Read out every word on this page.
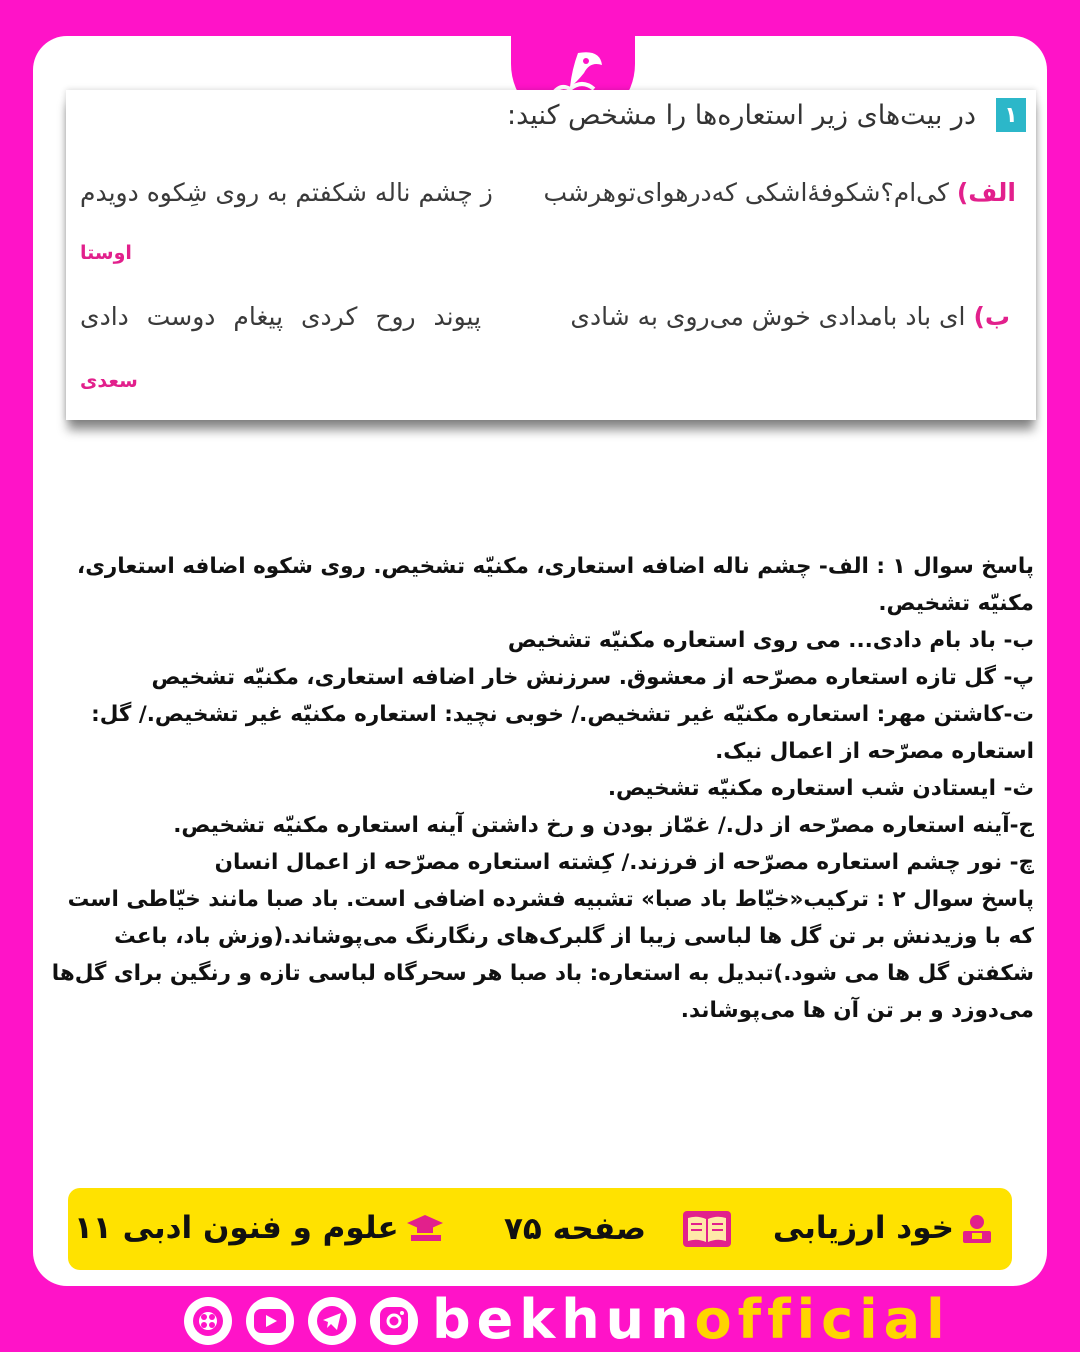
۱
در بیت‌های زیر استعاره‌ها را مشخص کنید:
الف) کی‌ام؟شکوفهٔ‌اشکی که‌درهوای‌تو‌هرشب
ز چشم ناله شکفتم به روی شِکوه دویدم
اوستا
ب) ای باد بامدادی خوش می‌روی به شادی
پیوند روح کردی پیغام دوست دادی
سعدی

پاسخ سوال ۱ : الف- چشم ناله اضافه استعاری، مکنیّه تشخیص. روی شکوه اضافه استعاری، مکنیّه تشخیص.

ب- باد بام دادی... می روی استعاره مکنیّه تشخیص

پ- گل تازه استعاره مصرّحه از معشوق. سرزنش خار اضافه استعاری، مکنیّه تشخیص

ت-کاشتن مهر: استعاره مکنیّه غیر تشخیص./ خوبی نچید: استعاره مکنیّه غیر تشخیص./ گل: استعاره مصرّحه از اعمال نیک.

ث- ایستادن شب استعاره مکنیّه تشخیص.

ج-آینه استعاره مصرّحه از دل./ غمّاز بودن و رخ داشتن آینه استعاره مکنیّه تشخیص.

چ- نور چشم استعاره مصرّحه از فرزند./ کِشته استعاره مصرّحه از اعمال انسان

پاسخ سوال ۲ : ترکیب«خیّاط باد صبا» تشبیه فشرده اضافی است. باد صبا مانند خیّاطی است که با وزیدنش بر تن گل ها لباسی زیبا از گلبرک‌های رنگارنگ می‌پوشاند.(وزش باد، باعث شکفتن گل ها می شود.)تبدیل به استعاره: باد صبا هر سحرگاه لباسی تازه و رنگین برای گل‌ها می‌دوزد و بر تن آن ها می‌پوشاند.

خود ارزیابی
صفحه ۷۵
علوم و فنون ادبی ۱۱
bekhunofficial
